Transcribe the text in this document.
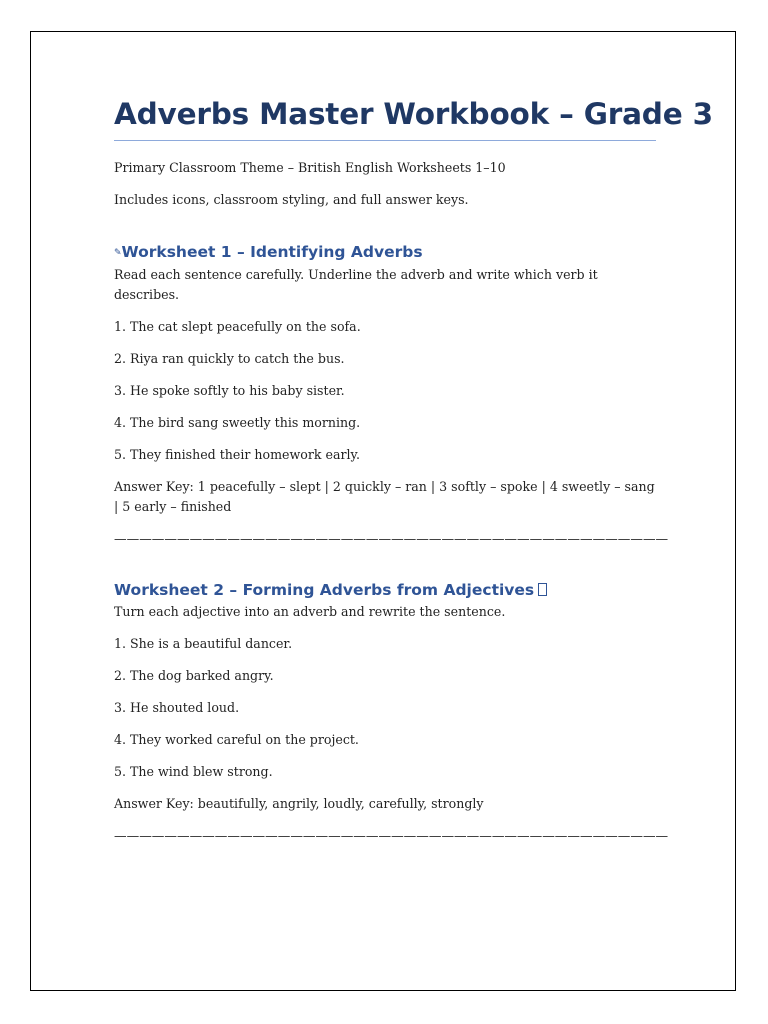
Adverbs Master Workbook – Grade 3

Primary Classroom Theme – British English Worksheets 1–10

Includes icons, classroom styling, and full answer keys.

✎Worksheet 1 – Identifying Adverbs

Read each sentence carefully. Underline the adverb and write which verb it describes.

1. The cat slept peacefully on the sofa.

2. Riya ran quickly to catch the bus.

3. He spoke softly to his baby sister.

4. The bird sang sweetly this morning.

5. They finished their homework early.

Answer Key: 1 peacefully – slept | 2 quickly – ran | 3 softly – spoke | 4 sweetly – sang | 5 early – finished

————————————————————————————————————————————

Worksheet 2 – Forming Adverbs from Adjectives

Turn each adjective into an adverb and rewrite the sentence.

1. She is a beautiful dancer.

2. The dog barked angry.

3. He shouted loud.

4. They worked careful on the project.

5. The wind blew strong.

Answer Key: beautifully, angrily, loudly, carefully, strongly

————————————————————————————————————————————
